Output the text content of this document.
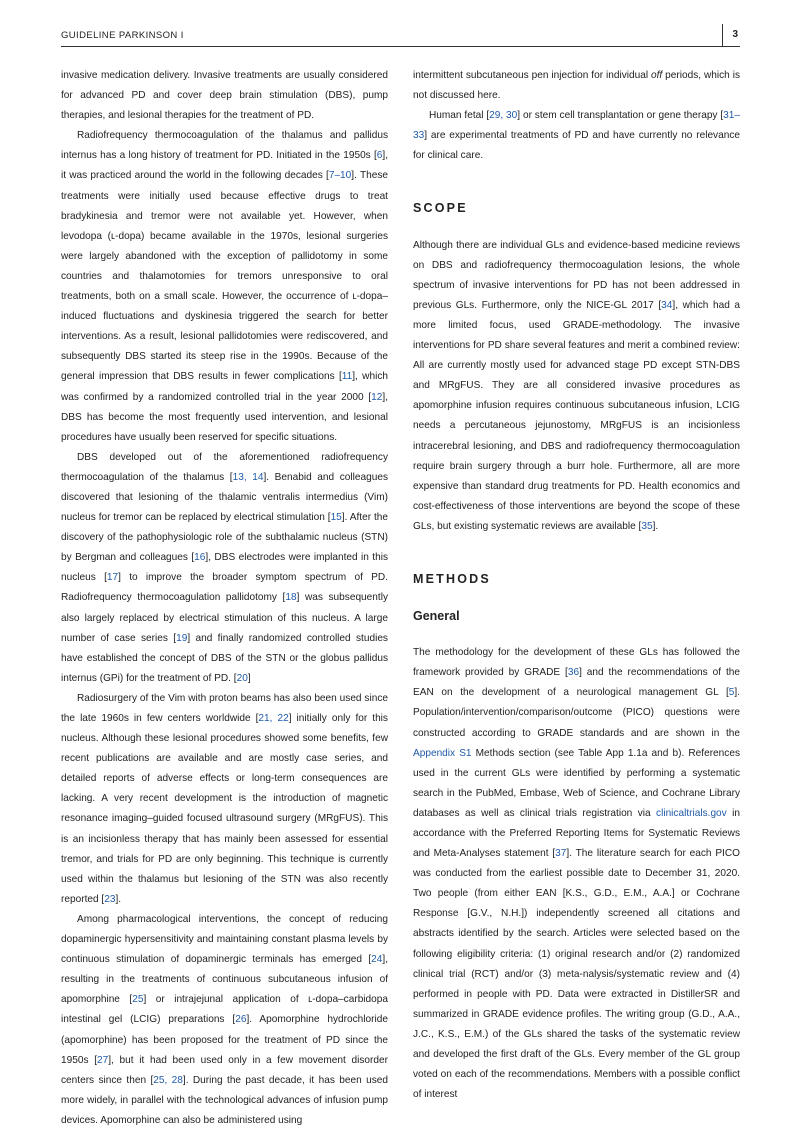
GUIDELINE PARKINSON I	3

invasive medication delivery. Invasive treatments are usually considered for advanced PD and cover deep brain stimulation (DBS), pump therapies, and lesional therapies for the treatment of PD.

Radiofrequency thermocoagulation of the thalamus and pallidus internus has a long history of treatment for PD. Initiated in the 1950s [6], it was practiced around the world in the following decades [7–10]. These treatments were initially used because effective drugs to treat bradykinesia and tremor were not available yet. However, when levodopa (ʟ-dopa) became available in the 1970s, lesional surgeries were largely abandoned with the exception of pallidotomy in some countries and thalamotomies for tremors unresponsive to oral treatments, both on a small scale. However, the occurrence of ʟ-dopa–induced fluctuations and dyskinesia triggered the search for better interventions. As a result, lesional pallidotomies were rediscovered, and subsequently DBS started its steep rise in the 1990s. Because of the general impression that DBS results in fewer complications [11], which was confirmed by a randomized controlled trial in the year 2000 [12], DBS has become the most frequently used intervention, and lesional procedures have usually been reserved for specific situations.

DBS developed out of the aforementioned radiofrequency thermocoagulation of the thalamus [13, 14]. Benabid and colleagues discovered that lesioning of the thalamic ventralis intermedius (Vim) nucleus for tremor can be replaced by electrical stimulation [15]. After the discovery of the pathophysiologic role of the subthalamic nucleus (STN) by Bergman and colleagues [16], DBS electrodes were implanted in this nucleus [17] to improve the broader symptom spectrum of PD. Radiofrequency thermocoagulation pallidotomy [18] was subsequently also largely replaced by electrical stimulation of this nucleus. A large number of case series [19] and finally randomized controlled studies have established the concept of DBS of the STN or the globus pallidus internus (GPi) for the treatment of PD. [20]

Radiosurgery of the Vim with proton beams has also been used since the late 1960s in few centers worldwide [21, 22] initially only for this nucleus. Although these lesional procedures showed some benefits, few recent publications are available and are mostly case series, and detailed reports of adverse effects or long-term consequences are lacking. A very recent development is the introduction of magnetic resonance imaging–guided focused ultrasound surgery (MRgFUS). This is an incisionless therapy that has mainly been assessed for essential tremor, and trials for PD are only beginning. This technique is currently used within the thalamus but lesioning of the STN was also recently reported [23].

Among pharmacological interventions, the concept of reducing dopaminergic hypersensitivity and maintaining constant plasma levels by continuous stimulation of dopaminergic terminals has emerged [24], resulting in the treatments of continuous subcutaneous infusion of apomorphine [25] or intrajejunal application of ʟ-dopa–carbidopa intestinal gel (LCIG) preparations [26]. Apomorphine hydrochloride (apomorphine) has been proposed for the treatment of PD since the 1950s [27], but it had been used only in a few movement disorder centers since then [25, 28]. During the past decade, it has been used more widely, in parallel with the technological advances of infusion pump devices. Apomorphine can also be administered using

intermittent subcutaneous pen injection for individual off periods, which is not discussed here.

Human fetal [29, 30] or stem cell transplantation or gene therapy [31–33] are experimental treatments of PD and have currently no relevance for clinical care.

SCOPE

Although there are individual GLs and evidence-based medicine reviews on DBS and radiofrequency thermocoagulation lesions, the whole spectrum of invasive interventions for PD has not been addressed in previous GLs. Furthermore, only the NICE-GL 2017 [34], which had a more limited focus, used GRADE-methodology. The invasive interventions for PD share several features and merit a combined review: All are currently mostly used for advanced stage PD except STN-DBS and MRgFUS. They are all considered invasive procedures as apomorphine infusion requires continuous subcutaneous infusion, LCIG needs a percutaneous jejunostomy, MRgFUS is an incisionless intracerebral lesioning, and DBS and radiofrequency thermocoagulation require brain surgery through a burr hole. Furthermore, all are more expensive than standard drug treatments for PD. Health economics and cost-effectiveness of those interventions are beyond the scope of these GLs, but existing systematic reviews are available [35].

METHODS
General

The methodology for the development of these GLs has followed the framework provided by GRADE [36] and the recommendations of the EAN on the development of a neurological management GL [5]. Population/intervention/comparison/outcome (PICO) questions were constructed according to GRADE standards and are shown in the Appendix S1 Methods section (see Table App 1.1a and b). References used in the current GLs were identified by performing a systematic search in the PubMed, Embase, Web of Science, and Cochrane Library databases as well as clinical trials registration via clinicaltrials.gov in accordance with the Preferred Reporting Items for Systematic Reviews and Meta-Analyses statement [37]. The literature search for each PICO was conducted from the earliest possible date to December 31, 2020. Two people (from either EAN [K.S., G.D., E.M., A.A.] or Cochrane Response [G.V., N.H.]) independently screened all citations and abstracts identified by the search. Articles were selected based on the following eligibility criteria: (1) original research and/or (2) randomized clinical trial (RCT) and/or (3) meta-nalysis/systematic review and (4) performed in people with PD. Data were extracted in DistillerSR and summarized in GRADE evidence profiles. The writing group (G.D., A.A., J.C., K.S., E.M.) of the GLs shared the tasks of the systematic review and developed the first draft of the GLs. Every member of the GL group voted on each of the recommendations. Members with a possible conflict of interest
